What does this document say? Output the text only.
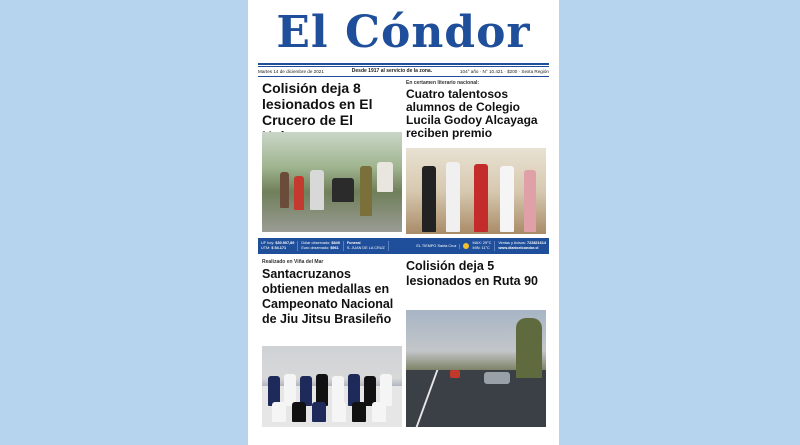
El Cóndor
Martes 14 de diciembre de 2021	Desde 1917 al servicio de la zona.	104° año · N° 10.421 · $200 · Sexta Región
Colisión deja 8 lesionados en El Crucero de El
En certamen literario nacional:
Cuatro talentosos alumnos de Colegio Lucila Godoy Alcayaga reciben premio
UF hoy: $30.907,89
UTM: $ 54.171
Dólar observado: $849
Euro observado: $961
Funeral
S. JUAN DE LA CRUZ
EL TIEMPO Santa Cruz

MAX: 29°C
MIN: 11°C
Ventas y Avisos: 722821614
www.diarioelcondor.cl
Realizado en Viña del Mar
Santacruzanos obtienen medallas en Campeonato Nacional de Jiu Jitsu Brasileño
Colisión deja 5 lesionados en Ruta 90
